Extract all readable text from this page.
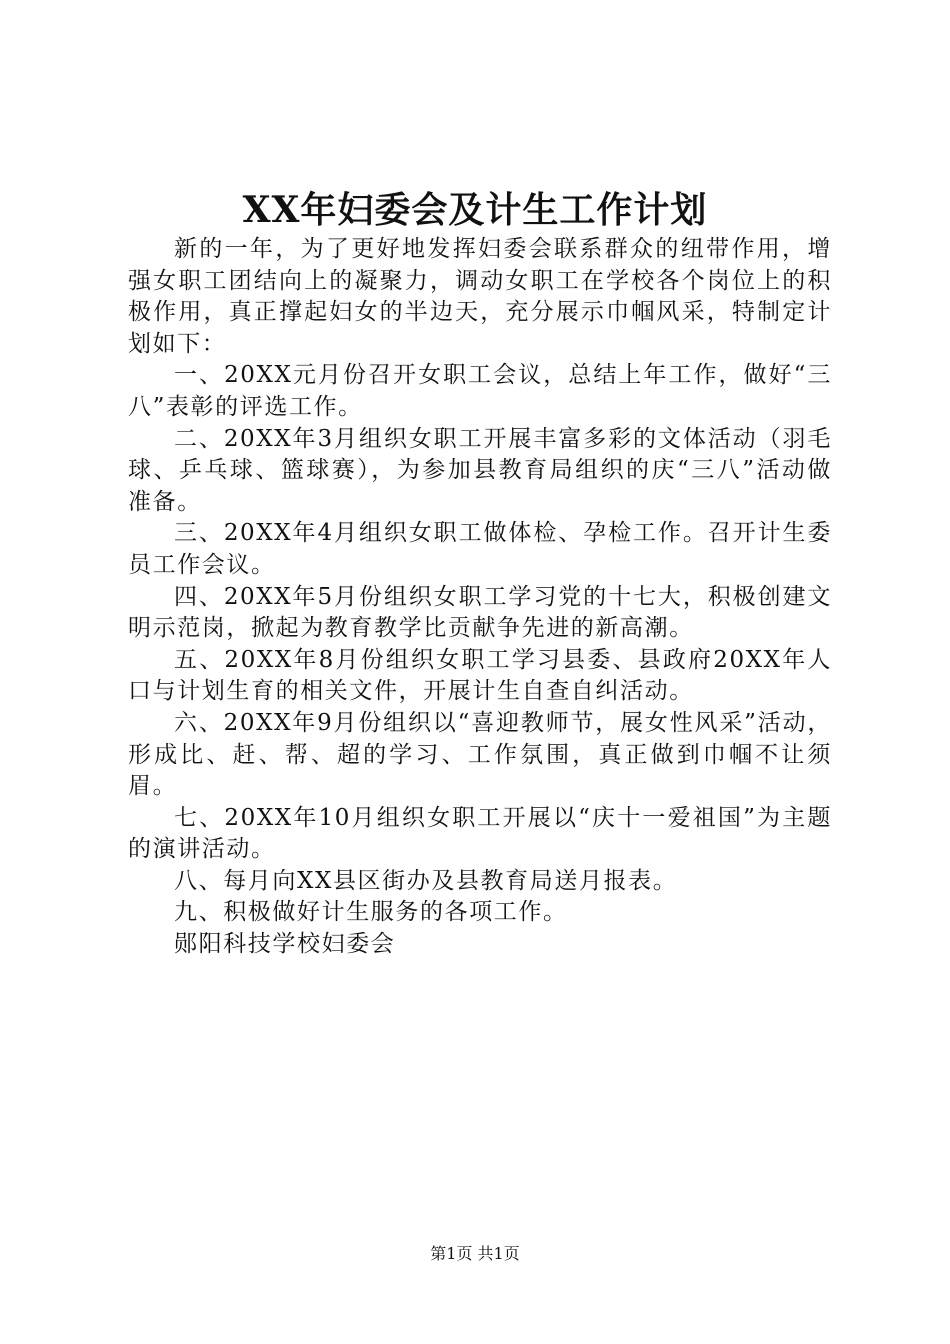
XX年妇委会及计生工作计划

新的一年，为了更好地发挥妇委会联系群众的纽带作用，增强女职工团结向上的凝聚力，调动女职工在学校各个岗位上的积极作用，真正撑起妇女的半边天，充分展示巾帼风采，特制定计划如下：

一、20XX元月份召开女职工会议，总结上年工作，做好“三八”表彰的评选工作。

二、20XX年3月组织女职工开展丰富多彩的文体活动（羽毛球、乒乓球、篮球赛），为参加县教育局组织的庆“三八”活动做准备。

三、20XX年4月组织女职工做体检、孕检工作。召开计生委员工作会议。

四、20XX年5月份组织女职工学习党的十七大，积极创建文明示范岗，掀起为教育教学比贡献争先进的新高潮。

五、20XX年8月份组织女职工学习县委、县政府20XX年人口与计划生育的相关文件，开展计生自查自纠活动。

六、20XX年9月份组织以“喜迎教师节，展女性风采”活动，形成比、赶、帮、超的学习、工作氛围，真正做到巾帼不让须眉。

七、20XX年10月组织女职工开展以“庆十一爱祖国”为主题的演讲活动。

八、每月向XX县区街办及县教育局送月报表。

九、积极做好计生服务的各项工作。

郧阳科技学校妇委会

第1页 共1页
